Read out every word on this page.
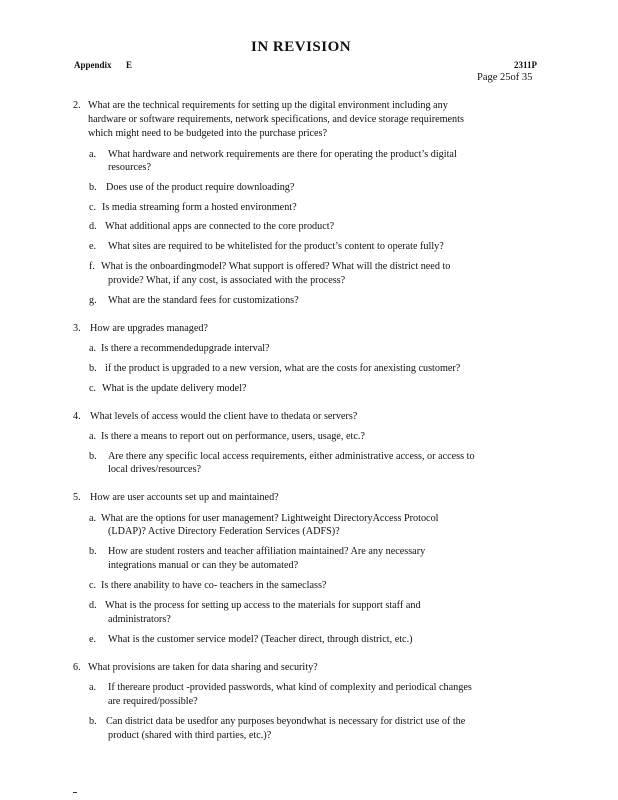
IN REVISION
Appendix E	2311P
Page 25of 35
2. What are the technical requirements for setting up the digital environment including any
hardware or software requirements, network specifications, and device storage requirements
which might need to be budgeted into the purchase prices?
a. What hardware and network requirements are there for operating the product’s digital
resources?
b. Does use of the product require downloading?
c. Is media streaming form a hosted environment?
d. What additional apps are connected to the core product?
e. What sites are required to be whitelisted for the product’s content to operate fully?
f. What is the onboardingmodel? What support is offered? What will the district need to
provide? What, if any cost, is associated with the process?
g. What are the standard fees for customizations?
3. How are upgrades managed?
a. Is there a recommendedupgrade interval?
b. if the product is upgraded to a new version, what are the costs for anexisting customer?
c. What is the update delivery model?
4. What levels of access would the client have to thedata or servers?
a. Is there a means to report out on performance, users, usage, etc.?
b. Are there any specific local access requirements, either administrative access, or access to
local drives/resources?
5. How are user accounts set up and maintained?
a. What are the options for user management? Lightweight DirectoryAccess Protocol
(LDAP)? Active Directory Federation Services (ADFS)?
b. How are student rosters and teacher affiliation maintained? Are any necessary
integrations manual or can they be automated?
c. Is there anability to have co- teachers in the sameclass?
d. What is the process for setting up access to the materials for support staff and
administrators?
e. What is the customer service model? (Teacher direct, through district, etc.)
6. What provisions are taken for data sharing and security?
a. If thereare product -provided passwords, what kind of complexity and periodical changes
are required/possible?
b. Can district data be usedfor any purposes beyondwhat is necessary for district use of the
product (shared with third parties, etc.)?
